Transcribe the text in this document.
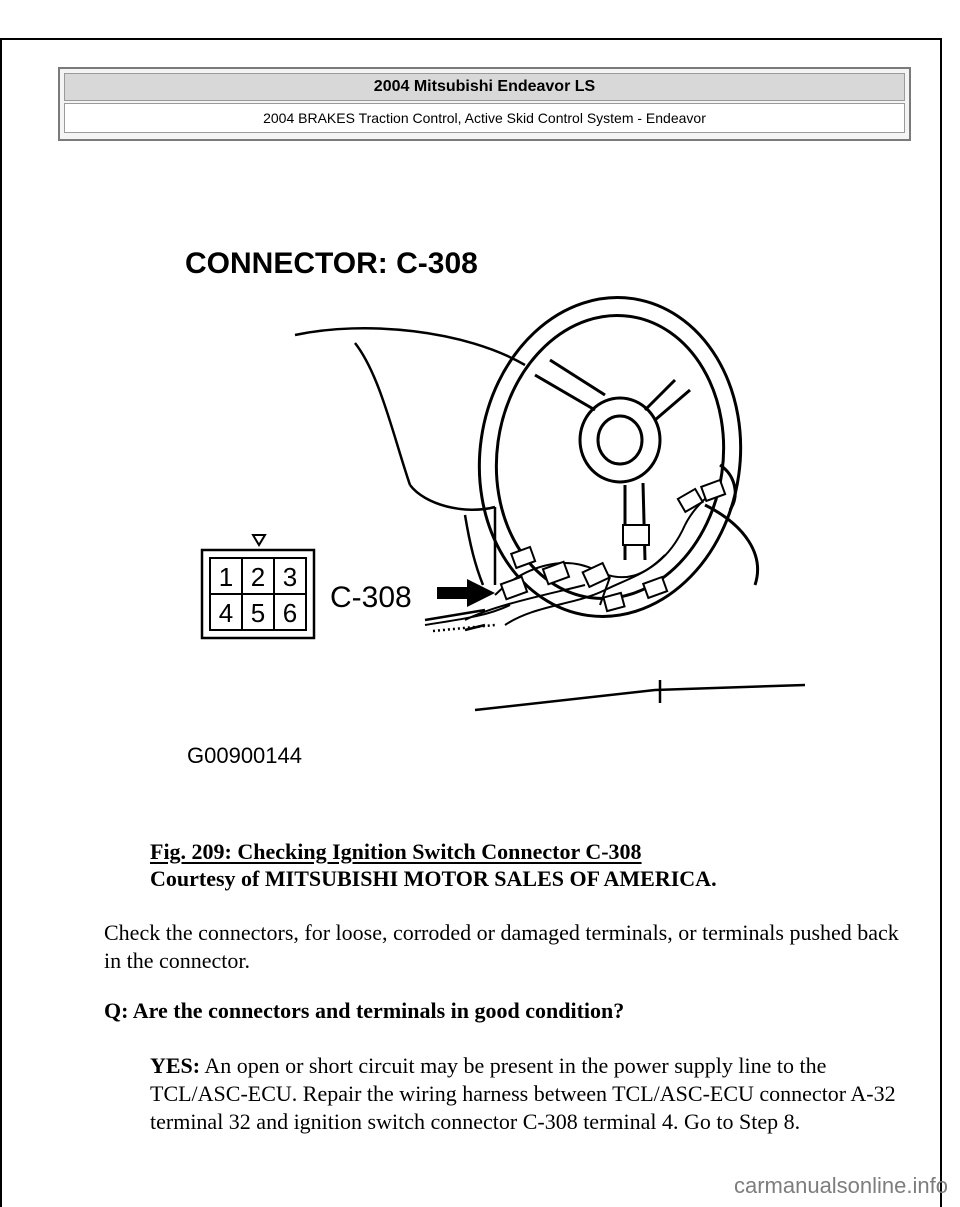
2004 Mitsubishi Endeavor LS
2004 BRAKES Traction Control, Active Skid Control System - Endeavor
CONNECTOR: C-308
1 2 3
4 5 6 C-308
G00900144
Fig. 209: Checking Ignition Switch Connector C-308
Courtesy of MITSUBISHI MOTOR SALES OF AMERICA.
Check the connectors, for loose, corroded or damaged terminals, or terminals pushed back in the connector.
Q: Are the connectors and terminals in good condition?
YES: An open or short circuit may be present in the power supply line to the TCL/ASC-ECU. Repair the wiring harness between TCL/ASC-ECU connector A-32 terminal 32 and ignition switch connector C-308 terminal 4. Go to Step 8.
carmanualsonline.info
